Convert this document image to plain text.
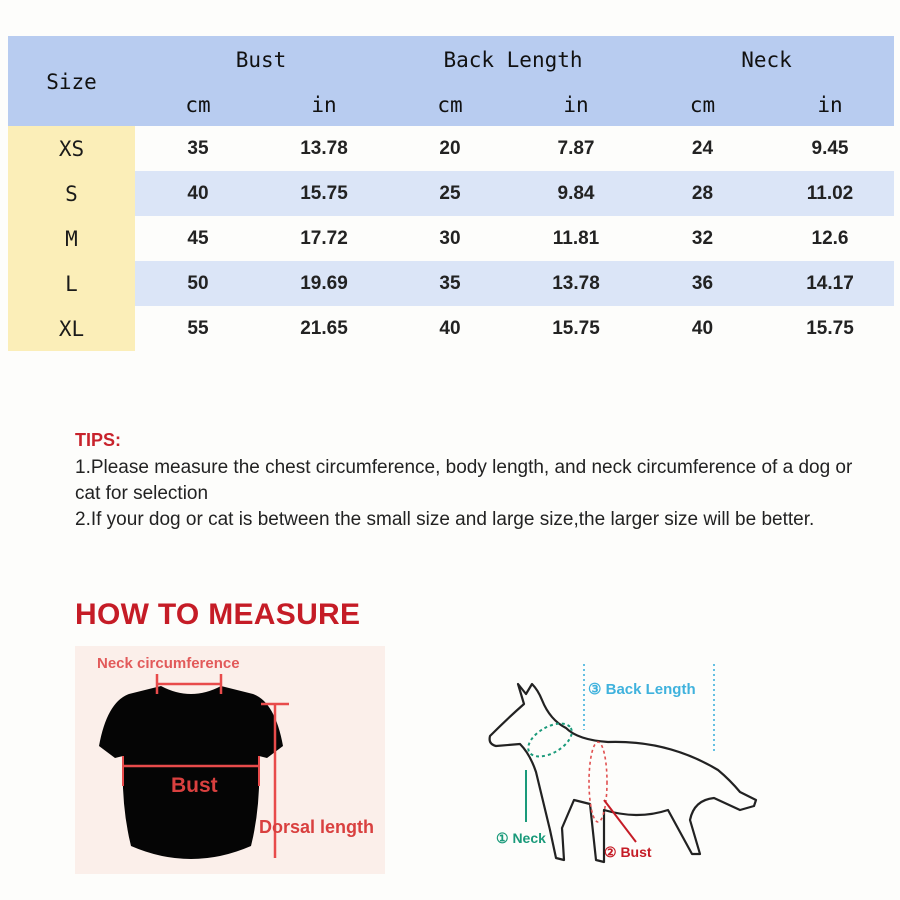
Size
Bust	Back Length	Neck
cm	in	cm	in	cm	in
XS	35	13.78	20	7.87	24	9.45
S	40	15.75	25	9.84	28	11.02
M	45	17.72	30	11.81	32	12.6
L	50	19.69	35	13.78	36	14.17
XL	55	21.65	40	15.75	40	15.75
TIPS:

1.Please measure the chest circumference, body length, and neck circumference of a dog or cat for selection

2.If your dog or cat is between the small size and large size,the larger size will be better.

HOW TO MEASURE
Neck circumference
Bust
Dorsal length
③ Back Length
① Neck
② Bust
